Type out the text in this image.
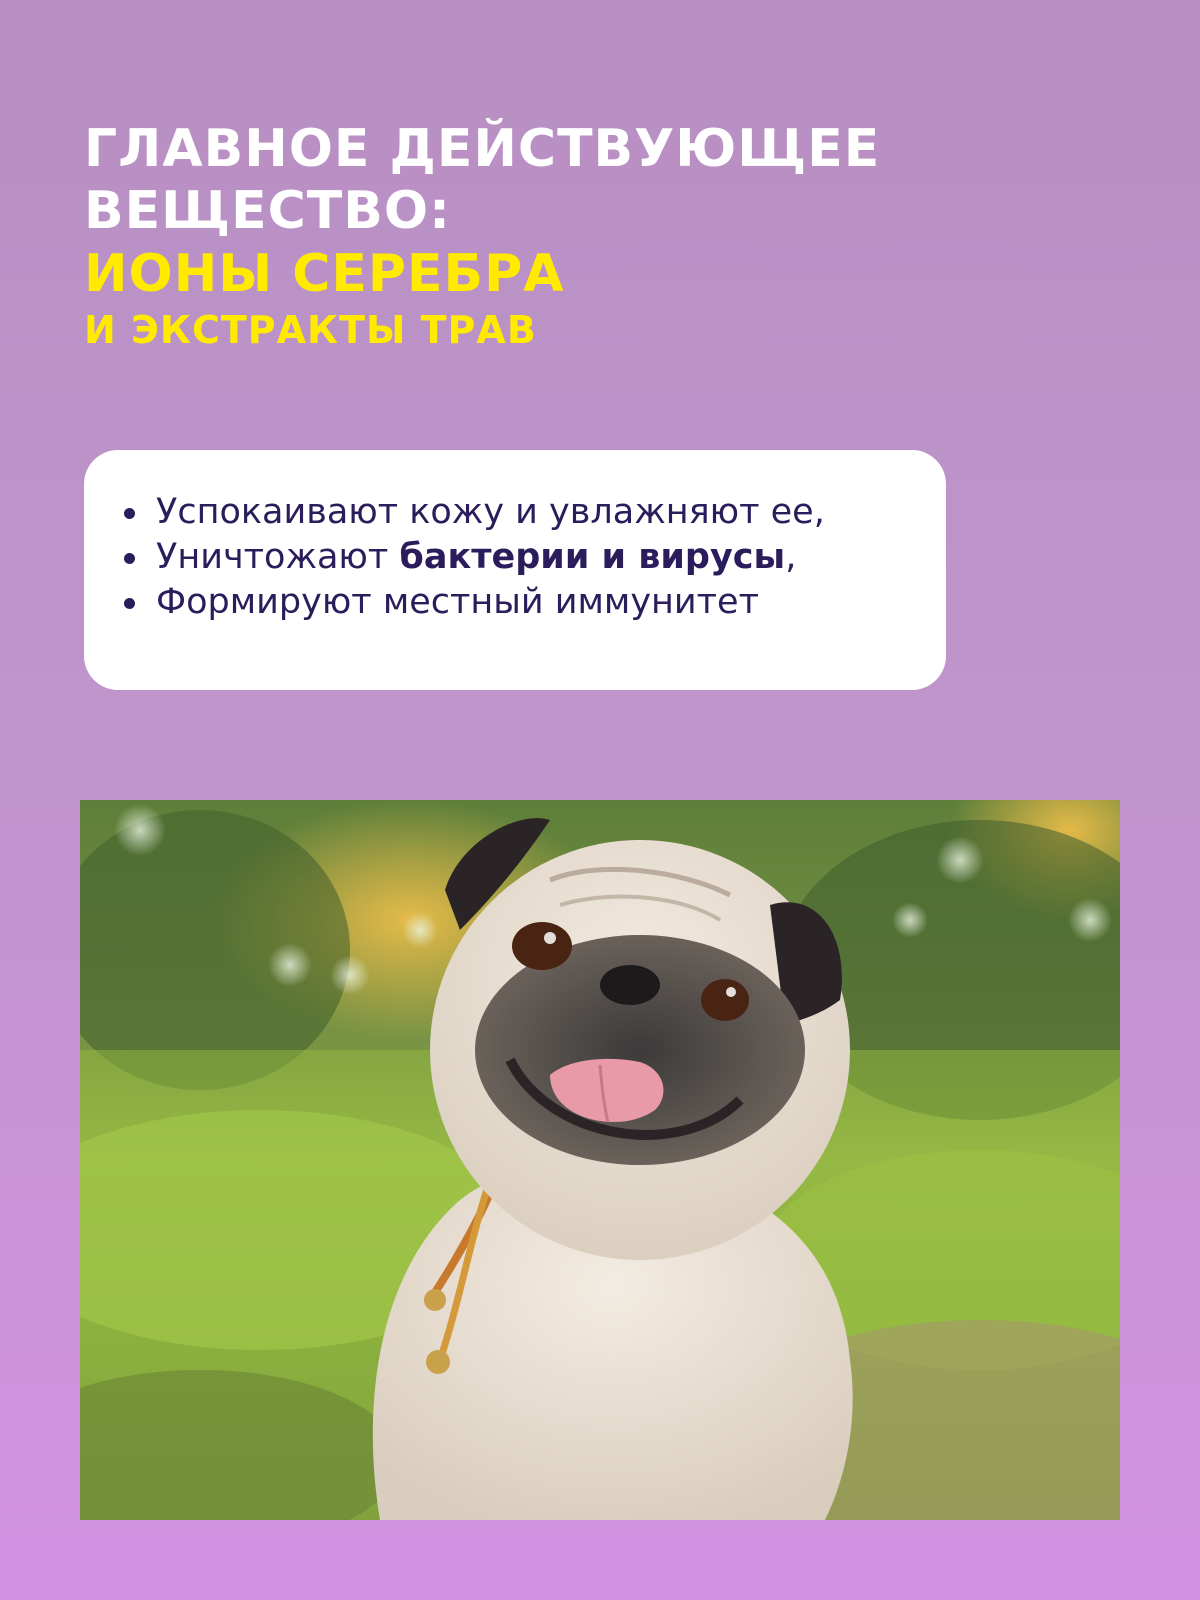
ГЛАВНОЕ ДЕЙСТВУЮЩЕЕ
ВЕЩЕСТВО:
ИОНЫ СЕРЕБРА
И ЭКСТРАКТЫ ТРАВ
Успокаивают кожу и увлажняют ее,
Уничтожают бактерии и вирусы,
Формируют местный иммунитет
